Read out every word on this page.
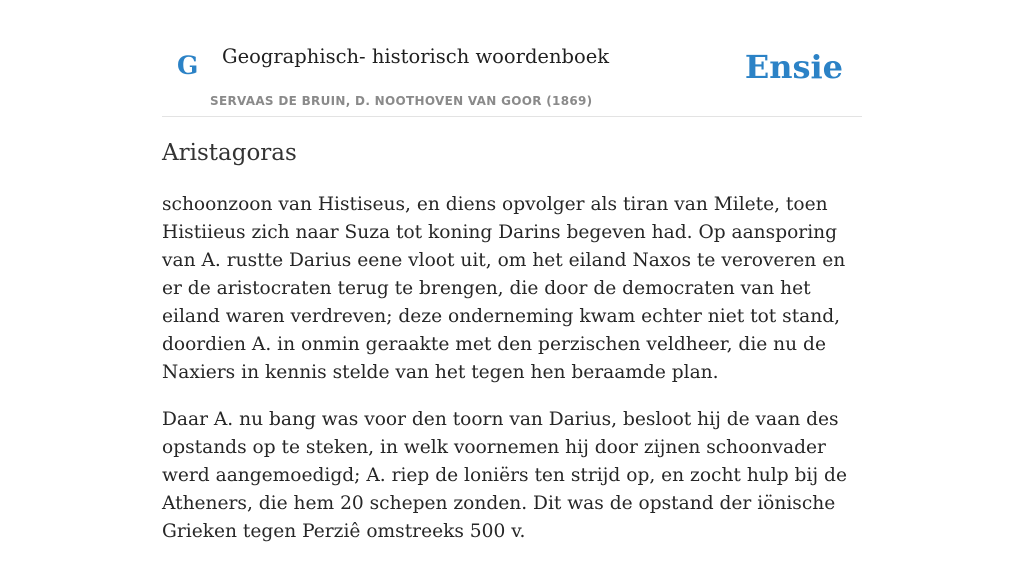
G Geographisch- historisch woordenboek
SERVAAS DE BRUIN, D. NOOTHOVEN VAN GOOR (1869)
Ensie
Aristagoras

schoonzoon van Histiseus, en diens opvolger als tiran van Milete, toen Histiieus zich naar Suza tot koning Darins begeven had. Op aansporing van A. rustte Darius eene vloot uit, om het eiland Naxos te veroveren en er de aristocraten terug te brengen, die door de democraten van het eiland waren verdreven; deze onderneming kwam echter niet tot stand, doordien A. in onmin geraakte met den perzischen veldheer, die nu de Naxiers in kennis stelde van het tegen hen beraamde plan.

Daar A. nu bang was voor den toorn van Darius, besloot hij de vaan des opstands op te steken, in welk voornemen hij door zijnen schoonvader werd aangemoedigd; A. riep de loniërs ten strijd op, en zocht hulp bij de Atheners, die hem 20 schepen zonden. Dit was de opstand der iönische Grieken tegen Perziê omstreeks 500 v.
